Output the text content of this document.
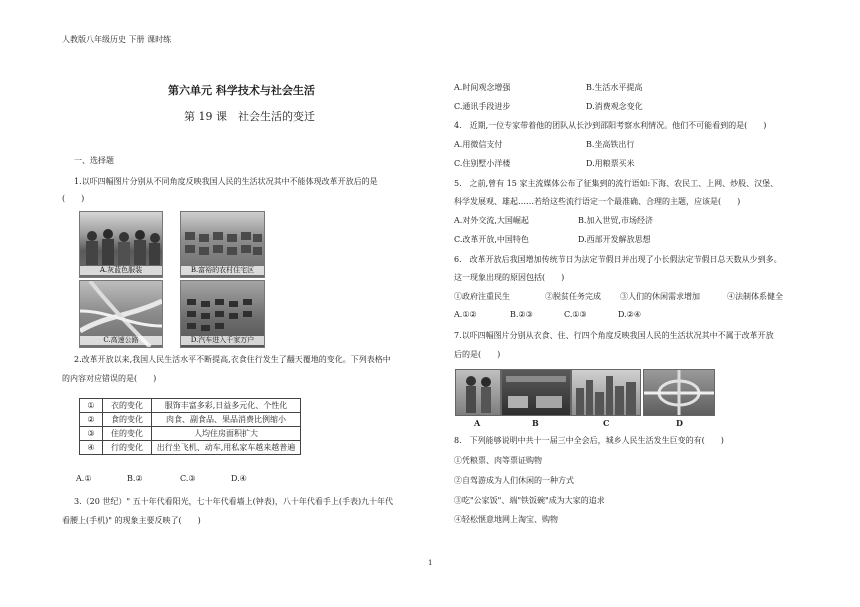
人教版八年级历史 下册 课时练
第六单元 科学技术与社会生活
第 19 课　社会生活的变迁
一、选择题
1.以吓四幅图片分别从不同角度反映我国人民的生活状况其中不能体现改革开放后的是
(　　)
A.灰蓝色服装	B.富裕的农村住宅区
C.高速公路	D.汽车进入千家万户
2.改革开放以来,我国人民生活水平不断提高,衣食住行发生了翻天覆地的变化。下列表格中
的内容对应错误的是(　　)
①	衣的变化	服饰丰富多彩,日益多元化、个性化
②	食的变化	肉食、副食品、果品消费比例缩小
③	住的变化	人均住房面积扩大
④	行的变化	出行坐飞机、动车,用私家车越来越普遍
A.①	B.②	C.③	D.④
3.（20 世纪）" 五十年代看阳光，七十年代看墙上(钟表)，八十年代看手上(手表)九十年代
看腰上(手机)" 的现象主要反映了(　　)
A.时间观念增强	B.生活水平提高
C.通讯手段进步	D.消费观念变化
4.　近期,一位专家带着他的团队从长沙到邵阳考察水利情况。他们不可能看到的是(　　)
A.用微信支付	B.坐高铁出行
C.住别墅小洋楼	D.用粮票买米
5.　之前,曾有 15 家主流媒体公布了征集到的流行语如:下海、农民工、上网、炒股、汉堡、
科学发展观、雄起……若给这些流行语定一个最准确、合理的主题，应该是(　　)
A.对外交流,大国崛起	B.加入世贸,市场经济
C.改革开放,中国特色	D.西部开发解放思想
6.　改革开放后我国增加传统节日为法定节假日并出现了小长假法定节假日总天数从少到多。
这一现象出现的原因包括(　　)
①政府注重民生	②脱贫任务完成 ③人们的休闲需求增加	④法制体系健全
A.①②	B.②③	C.①③	D.②④
7.以吓四幅图片分别从衣食、住、行四个角度反映我国人民的生活状况其中不属于改革开放
后的是(　　)
A	B	C	D
8.　下列能够说明中共十一届三中全会后，城乡人民生活发生巨变的有(　　)
①凭粮票、肉等票证购物
②自驾游成为人们休闲的一种方式
③吃"公家饭"、端"铁饭碗"成为大家的追求
④轻松惬意地网上淘宝、购物
1
